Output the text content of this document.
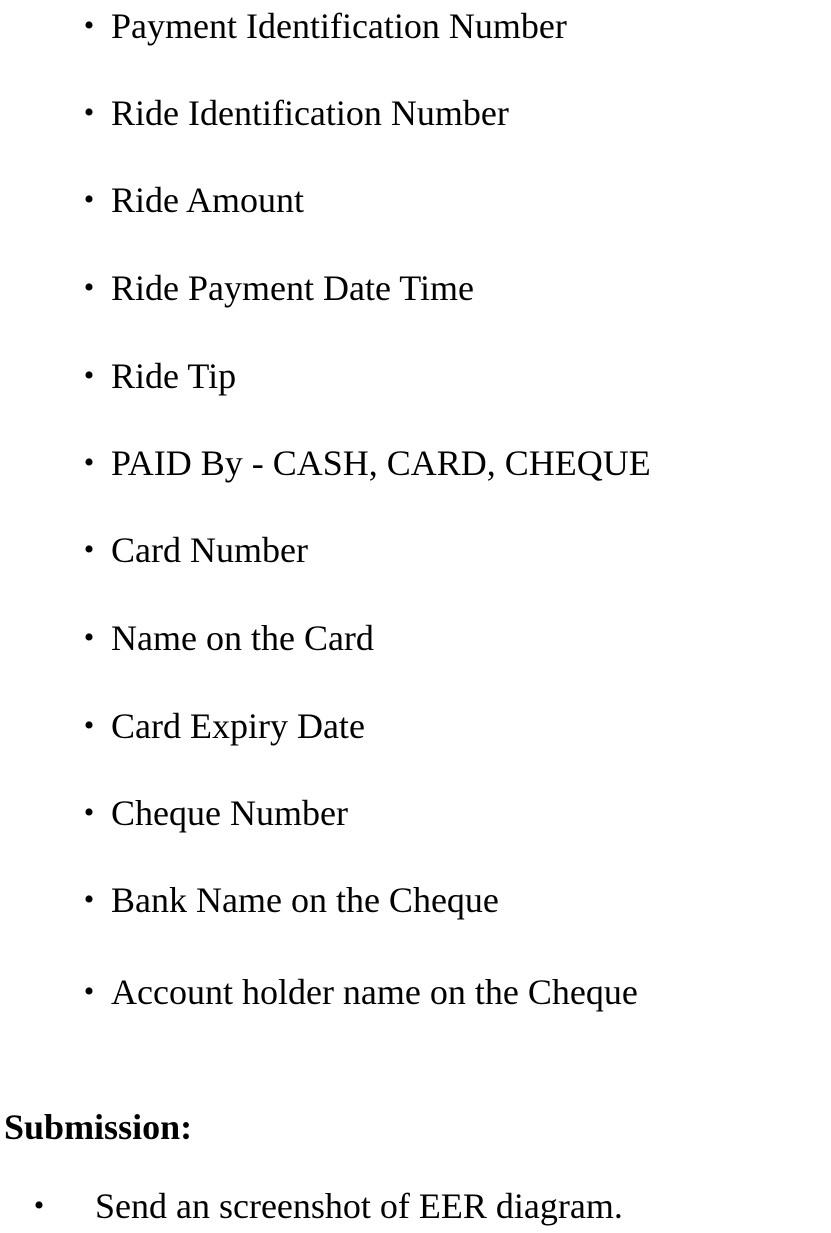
• Payment Identification Number
• Ride Identification Number
• Ride Amount
• Ride Payment Date Time
• Ride Tip
• PAID By - CASH, CARD, CHEQUE
• Card Number
• Name on the Card
• Card Expiry Date
• Cheque Number
• Bank Name on the Cheque
• Account holder name on the Cheque
Submission:
• Send an screenshot of EER diagram.
